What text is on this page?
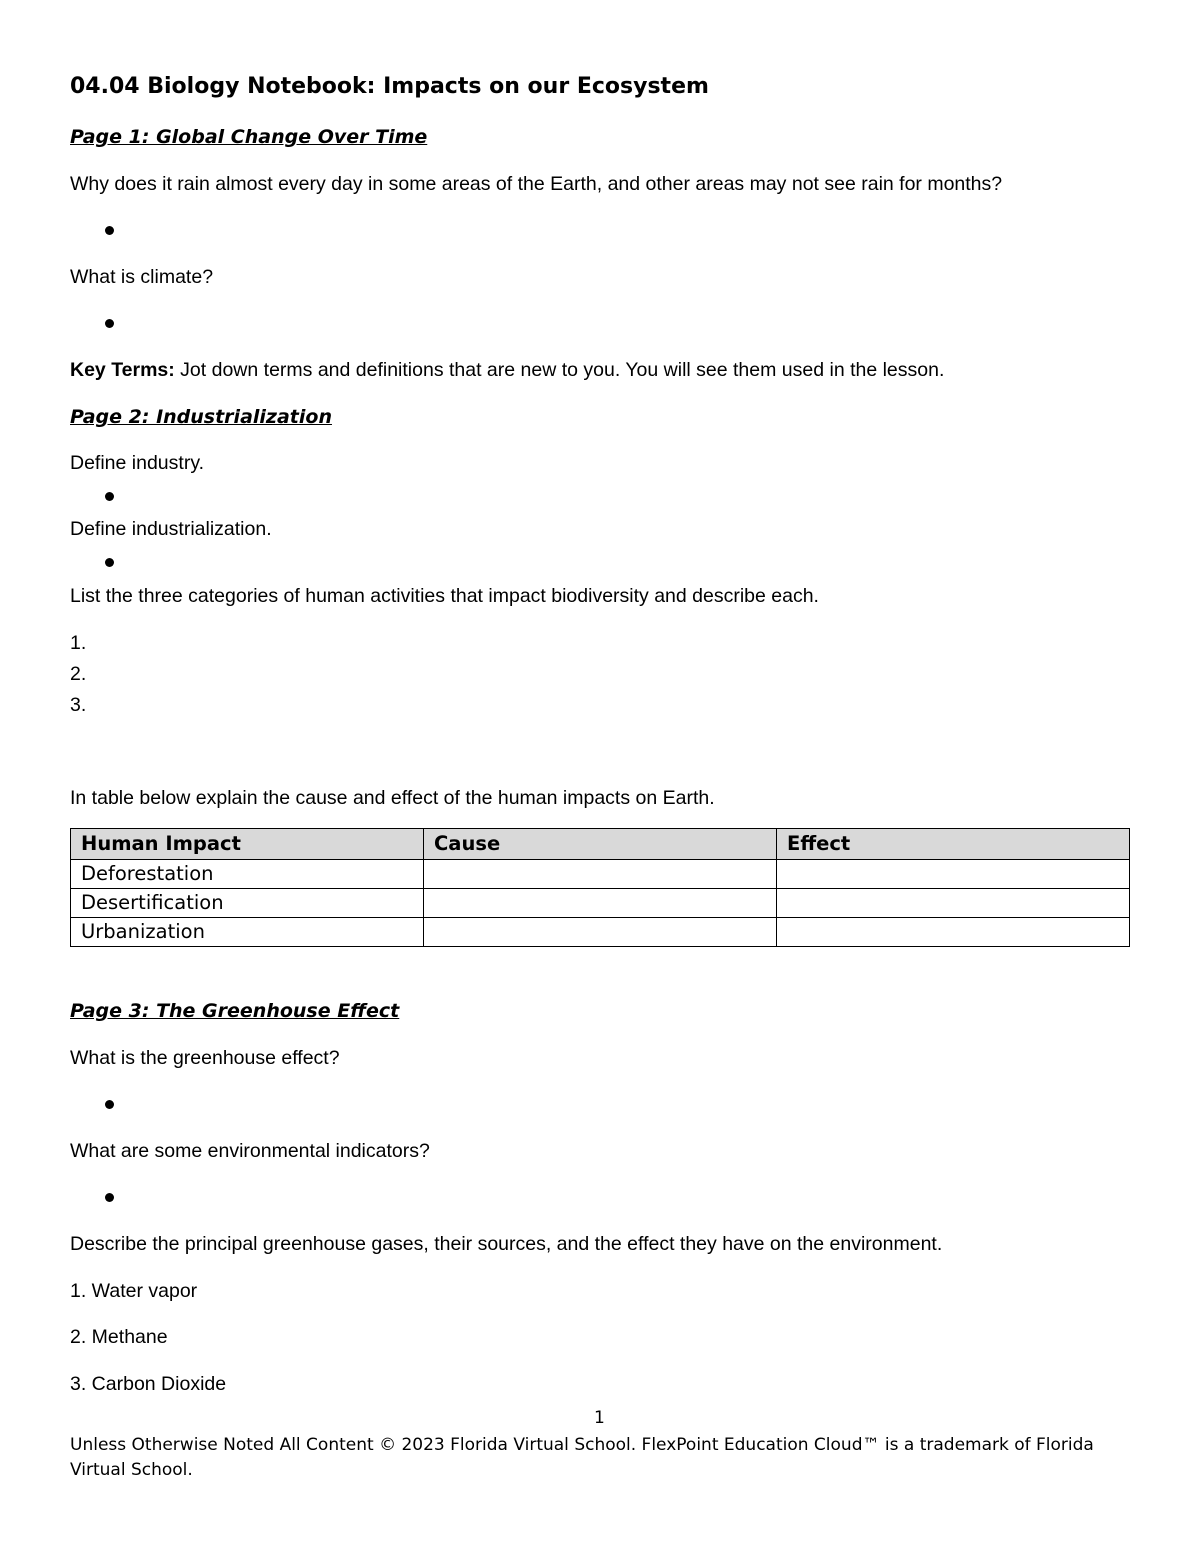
04.04 Biology Notebook: Impacts on our Ecosystem
Page 1: Global Change Over Time
Why does it rain almost every day in some areas of the Earth, and other areas may not see rain for months?
What is climate?
Key Terms: Jot down terms and definitions that are new to you. You will see them used in the lesson.
Page 2: Industrialization
Define industry.
Define industrialization.
List the three categories of human activities that impact biodiversity and describe each.
1.
2.
3.
In table below explain the cause and effect of the human impacts on Earth.
Human Impact	Cause	Effect
Deforestation		
Desertification		
Urbanization		
Page 3: The Greenhouse Effect
What is the greenhouse effect?
What are some environmental indicators?
Describe the principal greenhouse gases, their sources, and the effect they have on the environment.
1. Water vapor
2. Methane
3. Carbon Dioxide
1
Unless Otherwise Noted All Content © 2023 Florida Virtual School. FlexPoint Education Cloud™ is a trademark of Florida Virtual School.
